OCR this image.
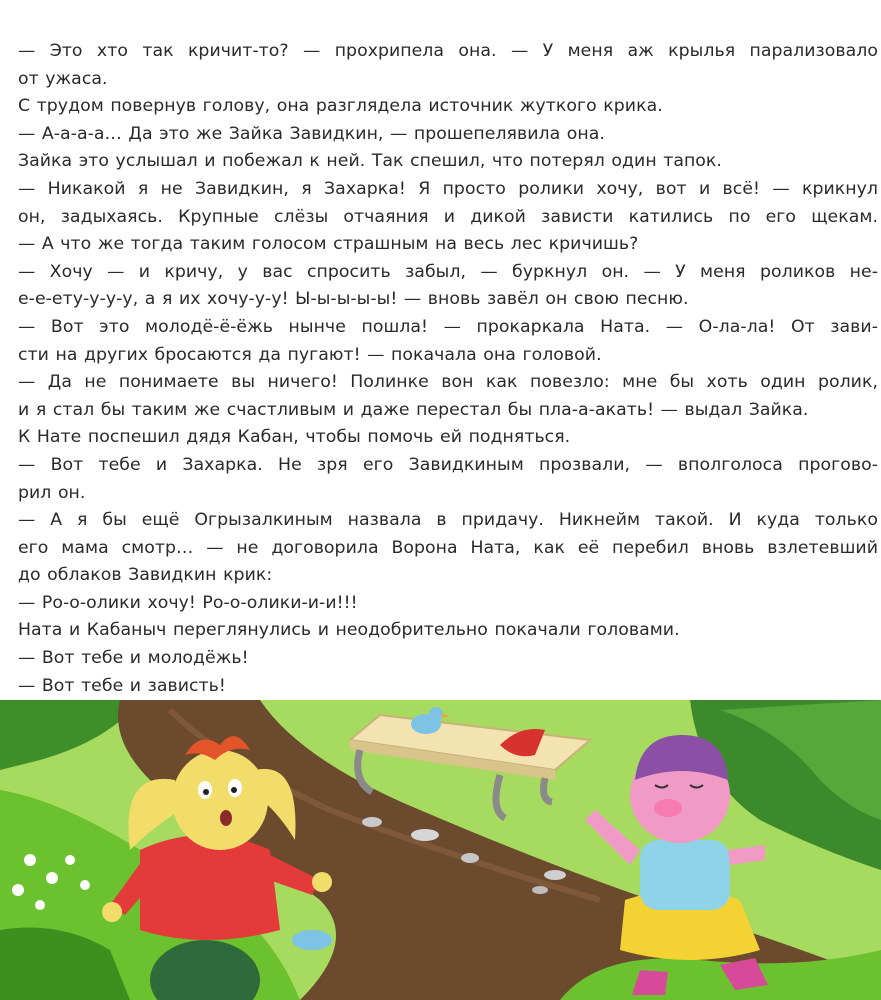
— Это хто так кричит-то? — прохрипела она. — У меня аж крылья парализовало
от ужаса.
С трудом повернув голову, она разглядела источник жуткого крика.
— А-а-а-а… Да это же Зайка Завидкин, — прошепелявила она.
Зайка это услышал и побежал к ней. Так спешил, что потерял один тапок.
— Никакой я не Завидкин, я Захарка! Я просто ролики хочу, вот и всё! — крикнул
он, задыхаясь. Крупные слёзы отчаяния и дикой зависти катились по его щекам.
— А что же тогда таким голосом страшным на весь лес кричишь?
— Хочу — и кричу, у вас спросить забыл, — буркнул он. — У меня роликов не-
е-е-ету-у-у-у, а я их хочу-у-у! Ы-ы-ы-ы-ы! — вновь завёл он свою песню.
— Вот это молодё-ё-ёжь нынче пошла! — прокаркала Ната. — О-ла-ла! От зави-
сти на других бросаются да пугают! — покачала она головой.
— Да не понимаете вы ничего! Полинке вон как повезло: мне бы хоть один ролик,
и я стал бы таким же счастливым и даже перестал бы пла-а-акать! — выдал Зайка.
К Нате поспешил дядя Кабан, чтобы помочь ей подняться.
— Вот тебе и Захарка. Не зря его Завидкиным прозвали, — вполголоса прогово-
рил он.
— А я бы ещё Огрызалкиным назвала в придачу. Никнейм такой. И куда только
его мама смотр… — не договорила Ворона Ната, как её перебил вновь взлетевший
до облаков Завидкин крик:
— Ро-о-олики хочу! Ро-о-олики-и-и!!!
Ната и Кабаныч переглянулись и неодобрительно покачали головами.
— Вот тебе и молодёжь!
— Вот тебе и зависть!
